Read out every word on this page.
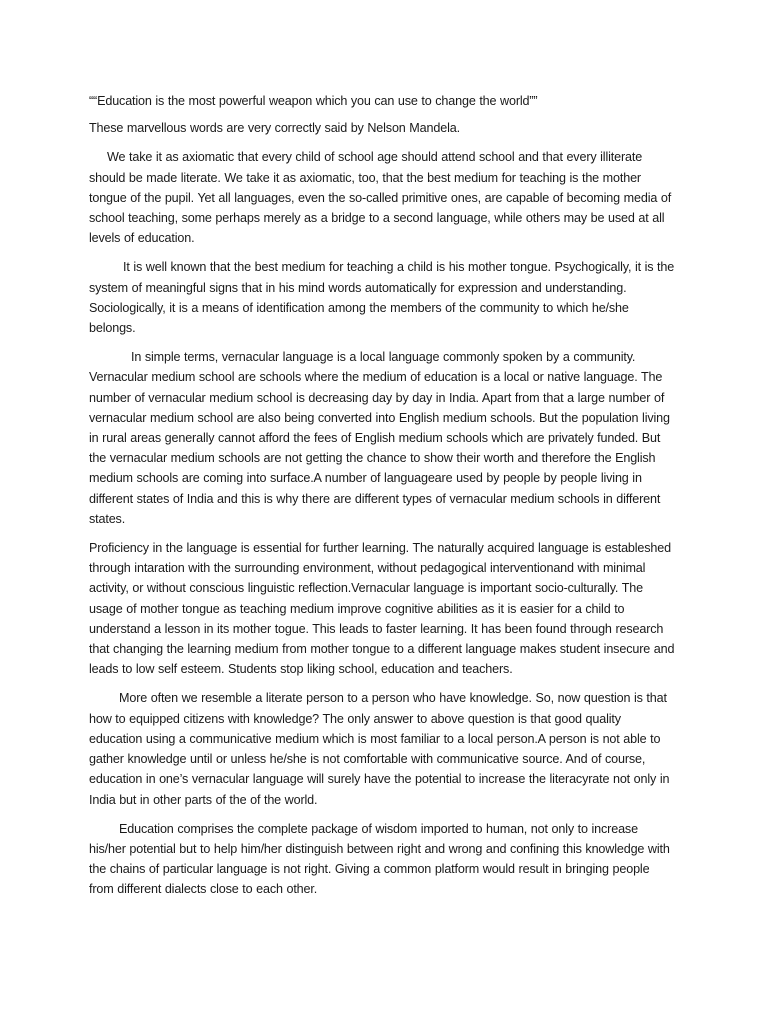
““Education is the most powerful weapon which you can use to change the world””

These marvellous words are very correctly said by Nelson Mandela.

We take it as axiomatic that every child of school age should attend school and that every illiterate should be made literate. We take it as axiomatic, too, that the best medium for teaching is the mother tongue of the pupil. Yet all languages, even the so-called primitive ones, are capable of becoming media of school teaching, some perhaps merely as a bridge to a second language, while others may be used at all levels of education.

It is well known that the best medium for teaching a child is his mother tongue. Psychogically, it is the system of meaningful signs that in his mind words automatically for expression and understanding. Sociologically, it is a means of identification among the members of the community to which he/she belongs.

In simple terms, vernacular language is a local language commonly spoken by a community. Vernacular medium school are schools where the medium of education is a local or native language. The number of vernacular medium school is decreasing day by day in India. Apart from that a large number of vernacular medium school are also being converted into English medium schools. But the population living in rural areas generally cannot afford the fees of English medium schools which are privately funded. But the vernacular medium schools are not getting the chance to show their worth and therefore the English medium schools are coming into surface.A number of languageare used by people by people living in different states of India and this is why there are different types of vernacular medium schools in different states.

Proficiency in the language is essential for further learning. The naturally acquired language is estableshed through intaration with the surrounding environment, without pedagogical interventionand with minimal activity, or without conscious linguistic reflection.Vernacular language is important socio-culturally. The usage of mother tongue as teaching medium improve cognitive abilities as it is easier for a child to understand a lesson in its mother togue. This leads to faster learning. It has been found through research that changing the learning medium from mother tongue to a different language makes student insecure and leads to low self esteem. Students stop liking school, education and teachers.

More often we resemble a literate person to a person who have knowledge. So, now question is that how to equipped citizens with knowledge? The only answer to above question is that good quality education using a communicative medium which is most familiar to a local person.A person is not able to gather knowledge until or unless he/she is not comfortable with communicative source. And of course, education in one’s vernacular language will surely have the potential to increase the literacyrate not only in India but in other parts of the of the world.

Education comprises the complete package of wisdom imported to human, not only to increase his/her potential but to help him/her distinguish between right and wrong and confining this knowledge with the chains of particular language is not right. Giving a common platform would result in bringing people from different dialects close to each other.
